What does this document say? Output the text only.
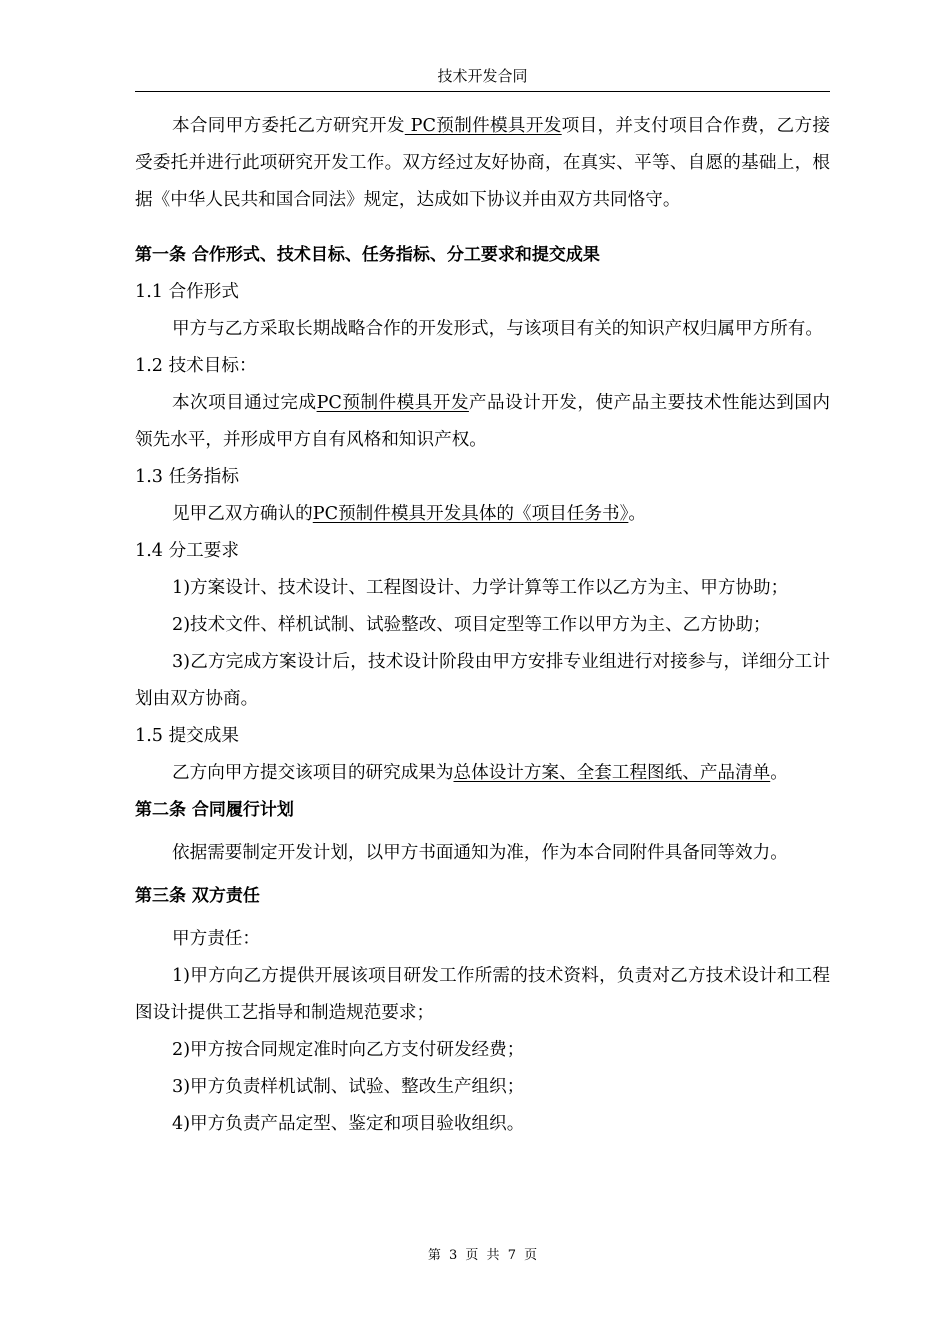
技术开发合同

本合同甲方委托乙方研究开发 PC预制件模具开发项目，并支付项目合作费，乙方接受委托并进行此项研究开发工作。双方经过友好协商，在真实、平等、自愿的基础上，根据《中华人民共和国合同法》规定，达成如下协议并由双方共同恪守。

第一条 合作形式、技术目标、任务指标、分工要求和提交成果

1.1 合作形式

甲方与乙方采取长期战略合作的开发形式，与该项目有关的知识产权归属甲方所有。

1.2 技术目标：

本次项目通过完成PC预制件模具开发产品设计开发，使产品主要技术性能达到国内领先水平，并形成甲方自有风格和知识产权。

1.3 任务指标

见甲乙双方确认的PC预制件模具开发具体的《项目任务书》。

1.4 分工要求

1)方案设计、技术设计、工程图设计、力学计算等工作以乙方为主、甲方协助；

2)技术文件、样机试制、试验整改、项目定型等工作以甲方为主、乙方协助；

3)乙方完成方案设计后，技术设计阶段由甲方安排专业组进行对接参与，详细分工计划由双方协商。

1.5 提交成果

乙方向甲方提交该项目的研究成果为总体设计方案、全套工程图纸、产品清单。

第二条 合同履行计划

依据需要制定开发计划，以甲方书面通知为准，作为本合同附件具备同等效力。

第三条 双方责任

甲方责任：

1)甲方向乙方提供开展该项目研发工作所需的技术资料，负责对乙方技术设计和工程图设计提供工艺指导和制造规范要求；

2)甲方按合同规定准时向乙方支付研发经费；

3)甲方负责样机试制、试验、整改生产组织；

4)甲方负责产品定型、鉴定和项目验收组织。

第 3 页 共 7 页
